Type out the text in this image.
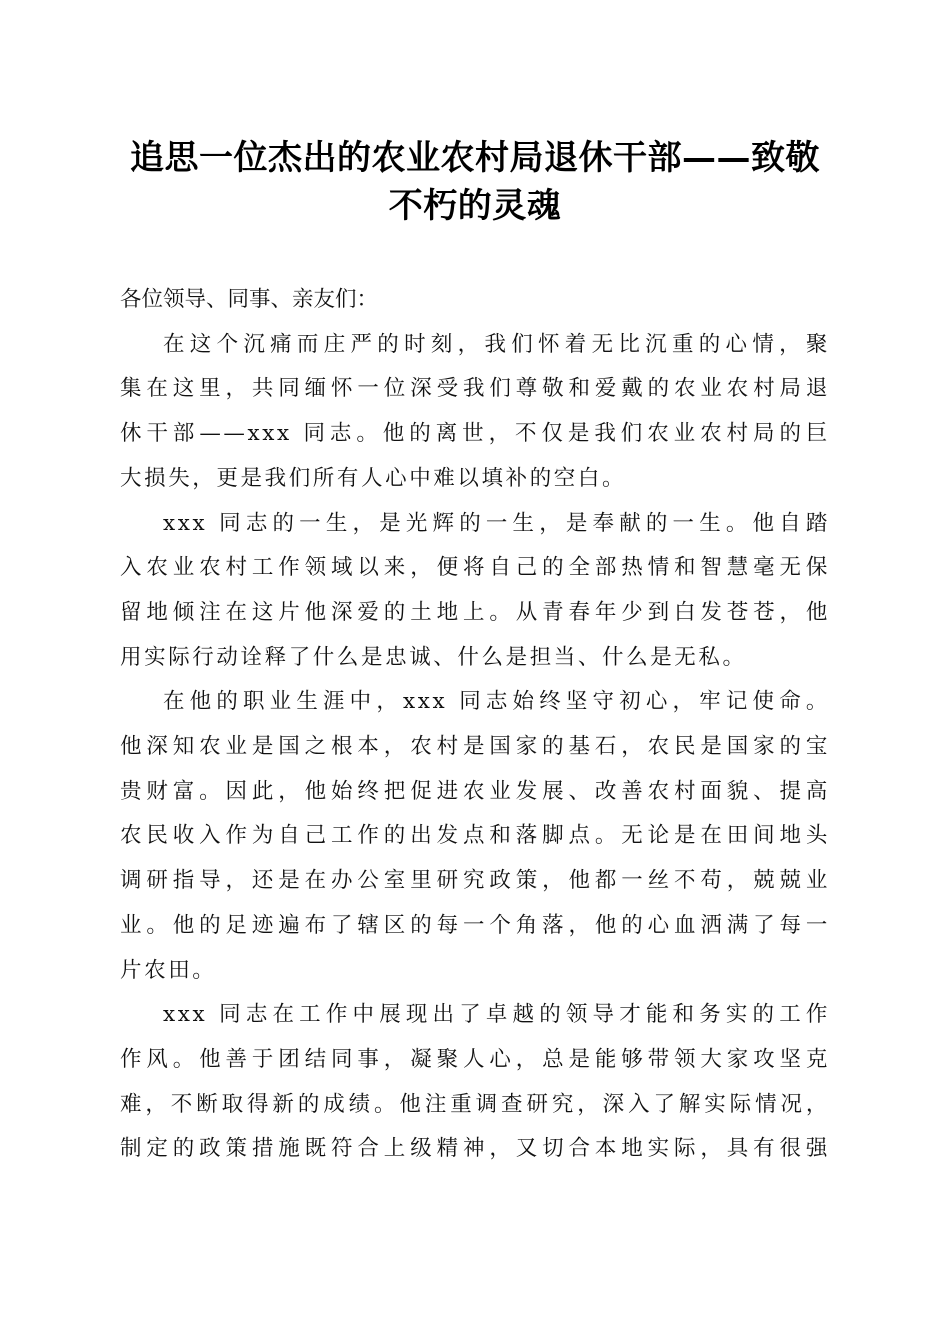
追思一位杰出的农业农村局退休干部——致敬
不朽的灵魂

各位领导、同事、亲友们：

在这个沉痛而庄严的时刻，我们怀着无比沉重的心情，聚
集在这里，共同缅怀一位深受我们尊敬和爱戴的农业农村局退
休干部——xxx 同志。他的离世，不仅是我们农业农村局的巨
大损失，更是我们所有人心中难以填补的空白。

xxx 同志的一生，是光辉的一生，是奉献的一生。他自踏
入农业农村工作领域以来，便将自己的全部热情和智慧毫无保
留地倾注在这片他深爱的土地上。从青春年少到白发苍苍，他
用实际行动诠释了什么是忠诚、什么是担当、什么是无私。

在他的职业生涯中，xxx 同志始终坚守初心，牢记使命。
他深知农业是国之根本，农村是国家的基石，农民是国家的宝
贵财富。因此，他始终把促进农业发展、改善农村面貌、提高
农民收入作为自己工作的出发点和落脚点。无论是在田间地头
调研指导，还是在办公室里研究政策，他都一丝不苟，兢兢业
业。他的足迹遍布了辖区的每一个角落，他的心血洒满了每一
片农田。

xxx 同志在工作中展现出了卓越的领导才能和务实的工作
作风。他善于团结同事，凝聚人心，总是能够带领大家攻坚克
难，不断取得新的成绩。他注重调查研究，深入了解实际情况，
制定的政策措施既符合上级精神，又切合本地实际，具有很强
